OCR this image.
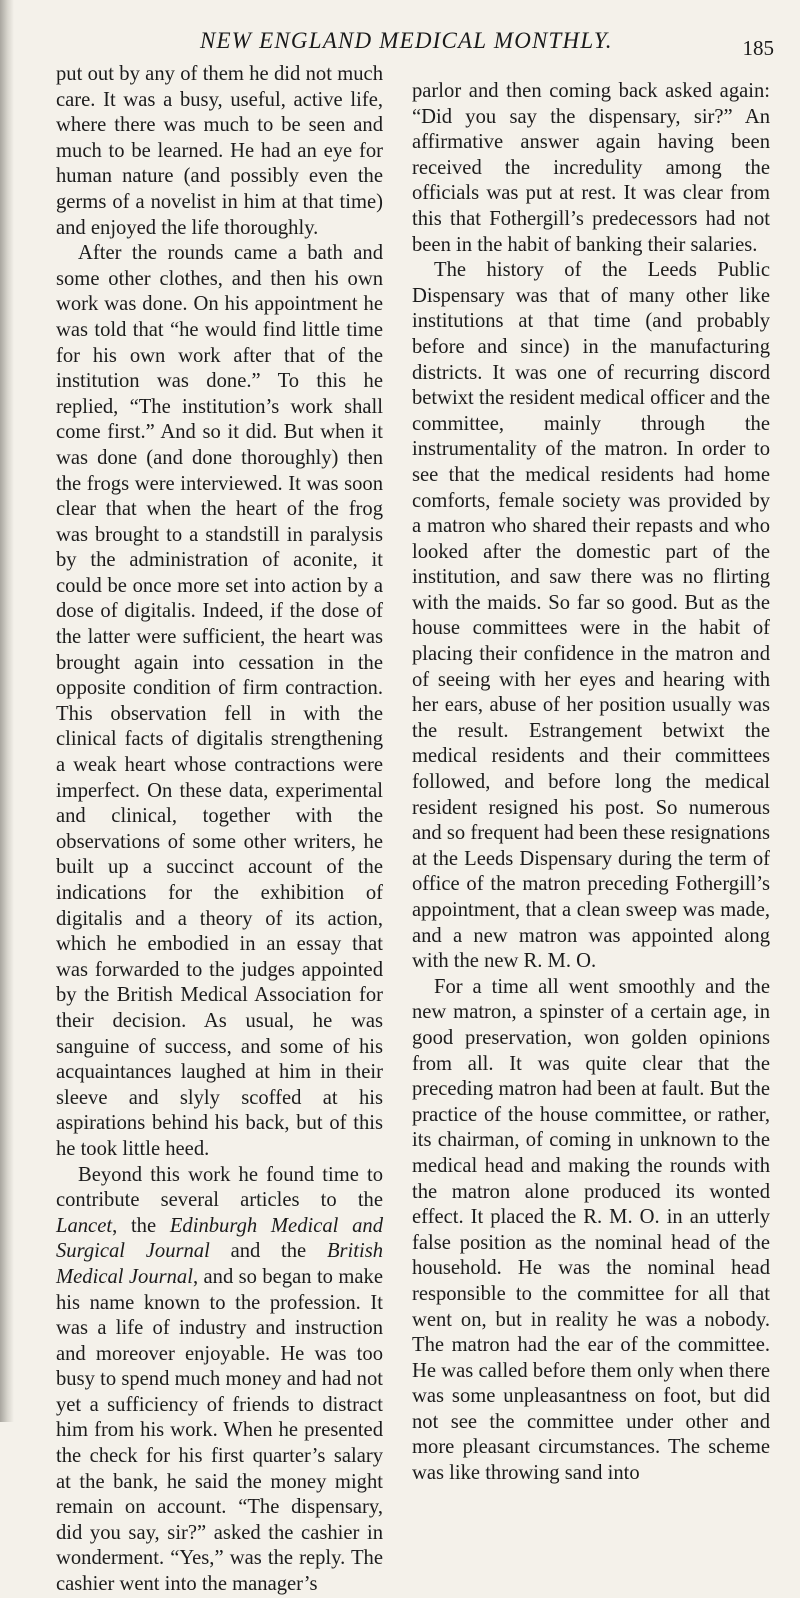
NEW ENGLAND MEDICAL MONTHLY.	185

put out by any of them he did not much care. It was a busy, useful, active life, where there was much to be seen and much to be learned. He had an eye for human nature (and possibly even the germs of a novelist in him at that time) and enjoyed the life thoroughly.

After the rounds came a bath and some other clothes, and then his own work was done. On his appointment he was told that “he would find little time for his own work after that of the institution was done.” To this he replied, “The institution’s work shall come first.” And so it did. But when it was done (and done thoroughly) then the frogs were interviewed. It was soon clear that when the heart of the frog was brought to a standstill in paralysis by the administration of aconite, it could be once more set into action by a dose of digitalis. Indeed, if the dose of the latter were sufficient, the heart was brought again into cessation in the opposite condition of firm contraction. This observation fell in with the clinical facts of digitalis strengthening a weak heart whose contractions were imperfect. On these data, experimental and clinical, together with the observations of some other writers, he built up a succinct account of the indications for the exhibition of digitalis and a theory of its action, which he embodied in an essay that was forwarded to the judges appointed by the British Medical Association for their decision. As usual, he was sanguine of success, and some of his acquaintances laughed at him in their sleeve and slyly scoffed at his aspirations behind his back, but of this he took little heed.

Beyond this work he found time to contribute several articles to the Lancet, the Edinburgh Medical and Surgical Journal and the British Medical Journal, and so began to make his name known to the profession. It was a life of industry and instruction and moreover enjoyable. He was too busy to spend much money and had not yet a sufficiency of friends to distract him from his work. When he presented the check for his first quarter’s salary at the bank, he said the money might remain on account. “The dispensary, did you say, sir?” asked the cashier in wonderment. “Yes,” was the reply. The cashier went into the manager’s

parlor and then coming back asked again: “Did you say the dispensary, sir?” An affirmative answer again having been received the incredulity among the officials was put at rest. It was clear from this that Fothergill’s predecessors had not been in the habit of banking their salaries.

The history of the Leeds Public Dispensary was that of many other like institutions at that time (and probably before and since) in the manufacturing districts. It was one of recurring discord betwixt the resident medical officer and the committee, mainly through the instrumentality of the matron. In order to see that the medical residents had home comforts, female society was provided by a matron who shared their repasts and who looked after the domestic part of the institution, and saw there was no flirting with the maids. So far so good. But as the house committees were in the habit of placing their confidence in the matron and of seeing with her eyes and hearing with her ears, abuse of her position usually was the result. Estrangement betwixt the medical residents and their committees followed, and before long the medical resident resigned his post. So numerous and so frequent had been these resignations at the Leeds Dispensary during the term of office of the matron preceding Fothergill’s appointment, that a clean sweep was made, and a new matron was appointed along with the new R. M. O.

For a time all went smoothly and the new matron, a spinster of a certain age, in good preservation, won golden opinions from all. It was quite clear that the preceding matron had been at fault. But the practice of the house committee, or rather, its chairman, of coming in unknown to the medical head and making the rounds with the matron alone produced its wonted effect. It placed the R. M. O. in an utterly false position as the nominal head of the household. He was the nominal head responsible to the committee for all that went on, but in reality he was a nobody. The matron had the ear of the committee. He was called before them only when there was some unpleasantness on foot, but did not see the committee under other and more pleasant circumstances. The scheme was like throwing sand into
